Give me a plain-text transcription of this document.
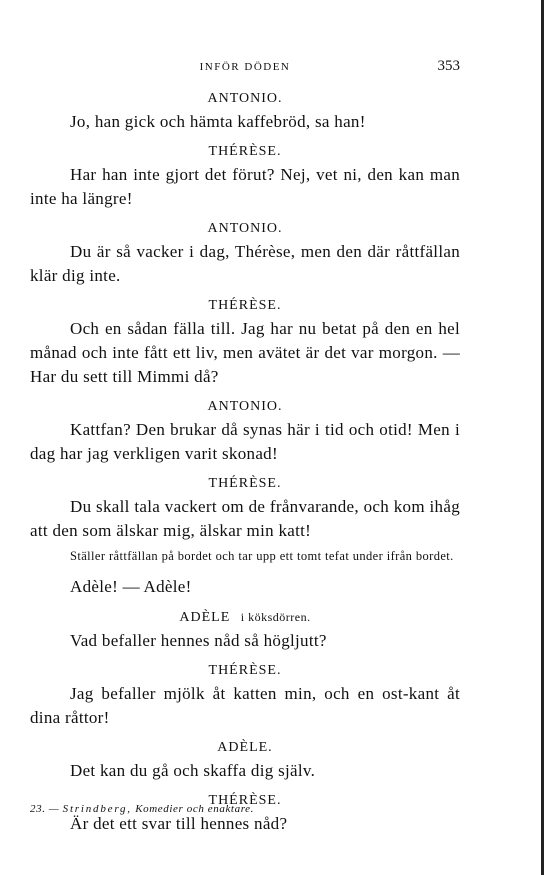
INFÖR DÖDEN	353
ANTONIO.

Jo, han gick och hämta kaffebröd, sa han!

THÉRÈSE.

Har han inte gjort det förut? Nej, vet ni, den kan man inte ha längre!

ANTONIO.

Du är så vacker i dag, Thérèse, men den där råttfällan klär dig inte.

THÉRÈSE.

Och en sådan fälla till. Jag har nu betat på den en hel månad och inte fått ett liv, men avätet är det var morgon. — Har du sett till Mimmi då?

ANTONIO.

Kattfan? Den brukar då synas här i tid och otid! Men i dag har jag verkligen varit skonad!

THÉRÈSE.

Du skall tala vackert om de frånvarande, och kom ihåg att den som älskar mig, älskar min katt!

Ställer råttfällan på bordet och tar upp ett tomt tefat under ifrån bordet.

Adèle! — Adèle!

ADÈLE i köksdörren.

Vad befaller hennes nåd så högljutt?

THÉRÈSE.

Jag befaller mjölk åt katten min, och en ost-kant åt dina råttor!

ADÈLE.

Det kan du gå och skaffa dig själv.

THÉRÈSE.

Är det ett svar till hennes nåd?

23. — Strindberg, Komedier och enaktare.
